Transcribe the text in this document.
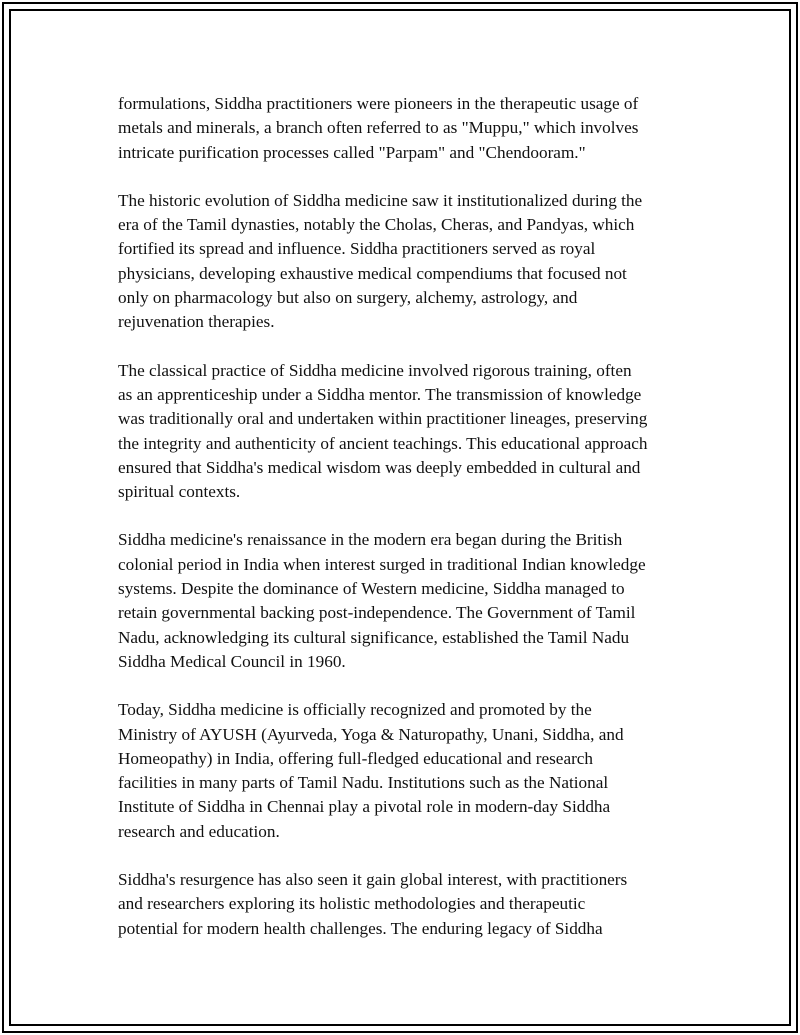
formulations, Siddha practitioners were pioneers in the therapeutic usage of
metals and minerals, a branch often referred to as "Muppu," which involves
intricate purification processes called "Parpam" and "Chendooram."

The historic evolution of Siddha medicine saw it institutionalized during the
era of the Tamil dynasties, notably the Cholas, Cheras, and Pandyas, which
fortified its spread and influence. Siddha practitioners served as royal
physicians, developing exhaustive medical compendiums that focused not
only on pharmacology but also on surgery, alchemy, astrology, and
rejuvenation therapies.

The classical practice of Siddha medicine involved rigorous training, often
as an apprenticeship under a Siddha mentor. The transmission of knowledge
was traditionally oral and undertaken within practitioner lineages, preserving
the integrity and authenticity of ancient teachings. This educational approach
ensured that Siddha's medical wisdom was deeply embedded in cultural and
spiritual contexts.

Siddha medicine's renaissance in the modern era began during the British
colonial period in India when interest surged in traditional Indian knowledge
systems. Despite the dominance of Western medicine, Siddha managed to
retain governmental backing post-independence. The Government of Tamil
Nadu, acknowledging its cultural significance, established the Tamil Nadu
Siddha Medical Council in 1960.

Today, Siddha medicine is officially recognized and promoted by the
Ministry of AYUSH (Ayurveda, Yoga & Naturopathy, Unani, Siddha, and
Homeopathy) in India, offering full-fledged educational and research
facilities in many parts of Tamil Nadu. Institutions such as the National
Institute of Siddha in Chennai play a pivotal role in modern-day Siddha
research and education.

Siddha's resurgence has also seen it gain global interest, with practitioners
and researchers exploring its holistic methodologies and therapeutic
potential for modern health challenges. The enduring legacy of Siddha
